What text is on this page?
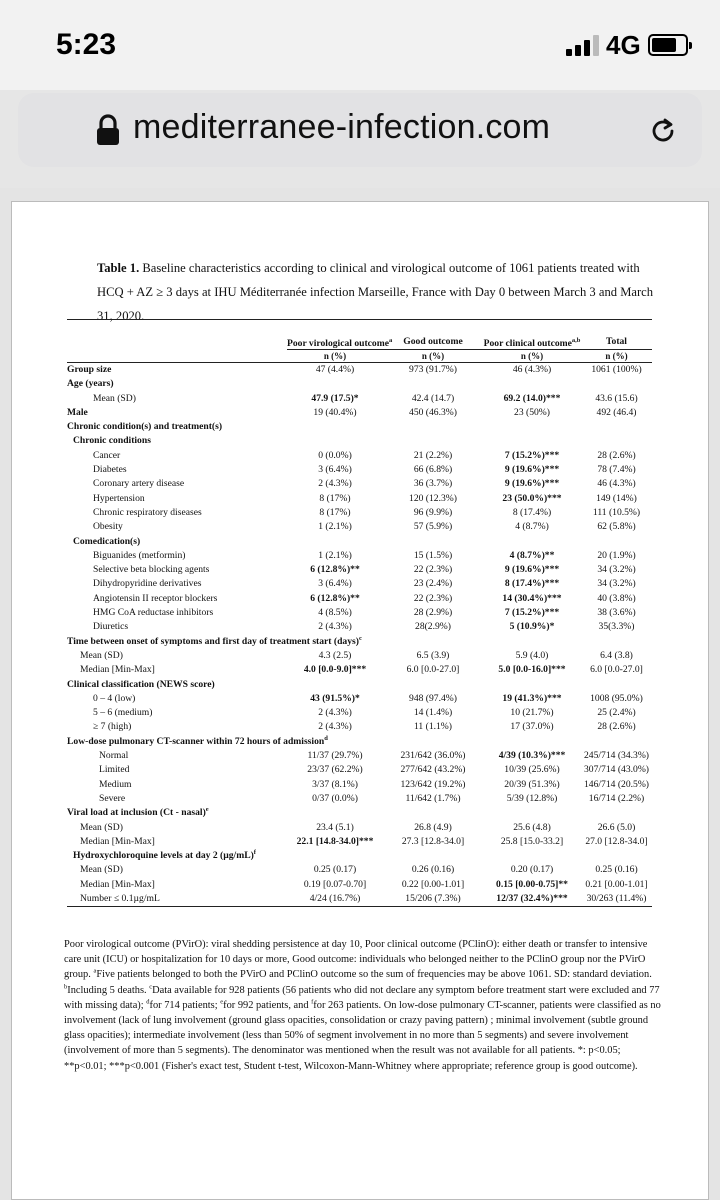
5:23	4G
mediterranee-infection.com
Table 1. Baseline characteristics according to clinical and virological outcome of 1061 patients treated with HCQ + AZ ≥ 3 days at IHU Méditerranée infection Marseille, France with Day 0 between March 3 and March 31, 2020.
	Poor virological outcome$^a$	Good outcome	Poor clinical outcome$^{a,b}$	Total
	n (%)	n (%)	n (%)	n (%)
Group size	47 (4.4%)	973 (91.7%)	46 (4.3%)	1061 (100%)
Age (years)				
Mean (SD)	47.9 (17.5)*	42.4 (14.7)	69.2 (14.0)***	43.6 (15.6)
Male	19 (40.4%)	450 (46.3%)	23 (50%)	492 (46.4)
Chronic condition(s) and treatment(s)				
Chronic conditions				
Cancer	0 (0.0%)	21 (2.2%)	7 (15.2%)***	28 (2.6%)
Diabetes	3 (6.4%)	66 (6.8%)	9 (19.6%)***	78 (7.4%)
Coronary artery disease	2 (4.3%)	36 (3.7%)	9 (19.6%)***	46 (4.3%)
Hypertension	8 (17%)	120 (12.3%)	23 (50.0%)***	149 (14%)
Chronic respiratory diseases	8 (17%)	96 (9.9%)	8 (17.4%)	111 (10.5%)
Obesity	1 (2.1%)	57 (5.9%)	4 (8.7%)	62 (5.8%)
Comedication(s)				
Biguanides (metformin)	1 (2.1%)	15 (1.5%)	4 (8.7%)**	20 (1.9%)
Selective beta blocking agents	6 (12.8%)**	22 (2.3%)	9 (19.6%)***	34 (3.2%)
Dihydropyridine derivatives	3 (6.4%)	23 (2.4%)	8 (17.4%)***	34 (3.2%)
Angiotensin II receptor blockers	6 (12.8%)**	22 (2.3%)	14 (30.4%)***	40 (3.8%)
HMG CoA reductase inhibitors	4 (8.5%)	28 (2.9%)	7 (15.2%)***	38 (3.6%)
Diuretics	2 (4.3%)	28(2.9%)	5 (10.9%)*	35(3.3%)
Time between onset of symptoms and first day of treatment start (days)$^c$				
Mean (SD)	4.3 (2.5)	6.5 (3.9)	5.9 (4.0)	6.4 (3.8)
Median [Min-Max]	4.0 [0.0-9.0]***	6.0 [0.0-27.0]	5.0 [0.0-16.0]***	6.0 [0.0-27.0]
Clinical classification (NEWS score)				
0 – 4 (low)	43 (91.5%)*	948 (97.4%)	19 (41.3%)***	1008 (95.0%)
5 – 6 (medium)	2 (4.3%)	14 (1.4%)	10 (21.7%)	25 (2.4%)
≥ 7 (high)	2 (4.3%)	11 (1.1%)	17 (37.0%)	28 (2.6%)
Low-dose pulmonary CT-scanner within 72 hours of admission$^d$				
Normal	11/37 (29.7%)	231/642 (36.0%)	4/39 (10.3%)***	245/714 (34.3%)
Limited	23/37 (62.2%)	277/642 (43.2%)	10/39 (25.6%)	307/714 (43.0%)
Medium	3/37 (8.1%)	123/642 (19.2%)	20/39 (51.3%)	146/714 (20.5%)
Severe	0/37 (0.0%)	11/642 (1.7%)	5/39 (12.8%)	16/714 (2.2%)
Viral load at inclusion (Ct - nasal)$^e$				
Mean (SD)	23.4 (5.1)	26.8 (4.9)	25.6 (4.8)	26.6 (5.0)
Median [Min-Max]	22.1 [14.8-34.0]***	27.3 [12.8-34.0]	25.8 [15.0-33.2]	27.0 [12.8-34.0]
Hydroxychloroquine levels at day 2 $(\mu g/mL)^f$				
Mean (SD)	0.25 (0.17)	0.26 (0.16)	0.20 (0.17)	0.25 (0.16)
Median [Min-Max]	0.19 [0.07-0.70]	0.22 [0.00-1.01]	0.15 [0.00-0.75]**	0.21 [0.00-1.01]
Number ≤ 0.1µg/mL	4/24 (16.7%)	15/206 (7.3%)	12/37 (32.4%)***	30/263 (11.4%)
Poor virological outcome (PVirO): viral shedding persistence at day 10, Poor clinical outcome (PClinO): either death or transfer to intensive care unit (ICU) or hospitalization for 10 days or more, Good outcome: individuals who belonged neither to the PClinO group nor the PVirO group. $^a$Five patients belonged to both the PVirO and PClinO outcome so the sum of frequencies may be above 1061. SD: standard deviation. $^b$Including 5 deaths. $^c$Data available for 928 patients (56 patients who did not declare any symptom before treatment start were excluded and 77 with missing data); $^d$for 714 patients; $^e$for 992 patients, and $^f$for 263 patients. On low-dose pulmonary CT-scanner, patients were classified as no involvement (lack of lung involvement (ground glass opacities, consolidation or crazy paving pattern) ; minimal involvement (subtle ground glass opacities); intermediate involvement (less than 50% of segment involvement in no more than 5 segments) and severe involvement (involvement of more than 5 segments). The denominator was mentioned when the result was not available for all patients. *: p<0.05; **p<0.01; ***p<0.001 (Fisher's exact test, Student t-test, Wilcoxon-Mann-Whitney where appropriate; reference group is good outcome).
